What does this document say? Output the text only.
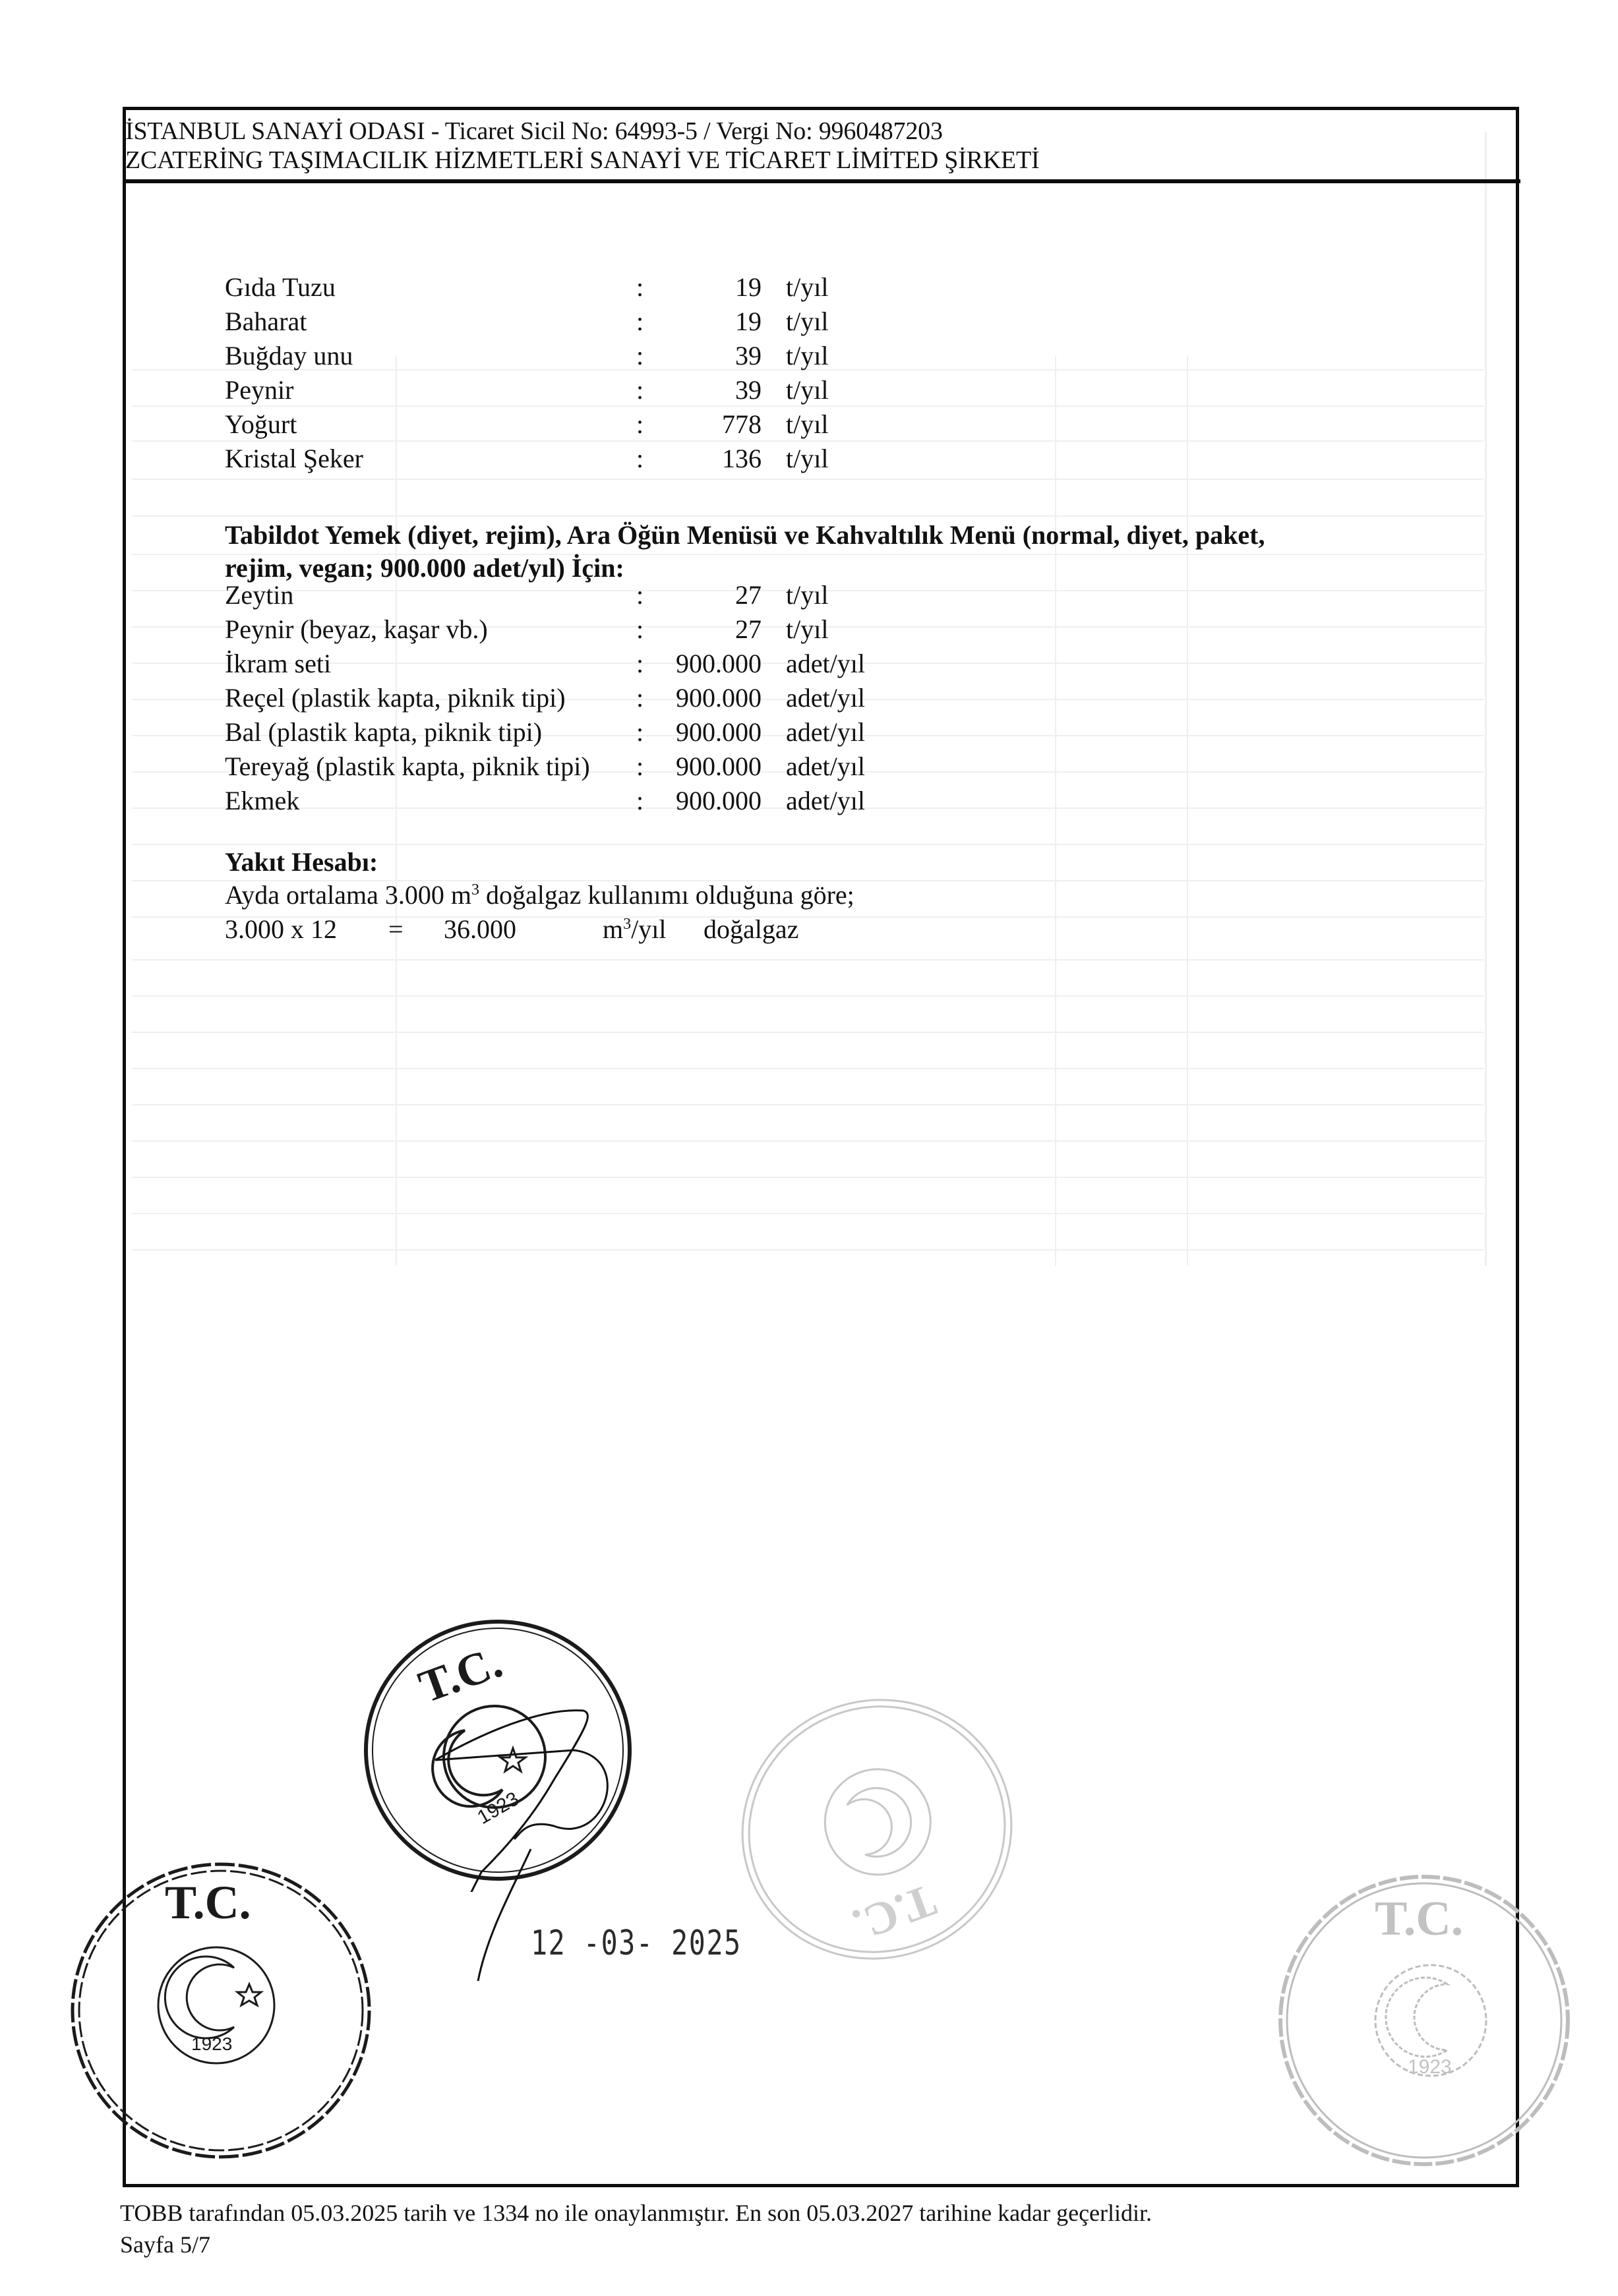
İSTANBUL SANAYİ ODASI - Ticaret Sicil No: 64993-5 / Vergi No: 9960487203
ZCATERİNG TAŞIMACILIK HİZMETLERİ SANAYİ VE TİCARET LİMİTED ŞİRKETİ
Gıda Tuzu	:	19 t/yıl
Baharat	:	19 t/yıl
Buğday unu	:	39 t/yıl
Peynir	:	39 t/yıl
Yoğurt	:	778 t/yıl
Kristal Şeker	:	136 t/yıl
Tabildot Yemek (diyet, rejim), Ara Öğün Menüsü ve Kahvaltılık Menü (normal, diyet, paket,
rejim, vegan; 900.000 adet/yıl) İçin:
Zeytin	:	27 t/yıl
Peynir (beyaz, kaşar vb.)	:	27 t/yıl
İkram seti	:	900.000 adet/yıl
Reçel (plastik kapta, piknik tipi)	:	900.000 adet/yıl
Bal (plastik kapta, piknik tipi)	:	900.000 adet/yıl
Tereyağ (plastik kapta, piknik tipi) :	900.000 adet/yıl
Ekmek	:	900.000 adet/yıl
Yakıt Hesabı:
Ayda ortalama 3.000 $m^3$ doğalgaz kullanımı olduğuna göre;
3.000 x 12 = 36.000	$m^3$/yıl doğalgaz
T.C.
T.C.
1923
12 -03- 2025
T.C.
1923
T.C.
1923
TOBB tarafından 05.03.2025 tarih ve 1334 no ile onaylanmıştır. En son 05.03.2027 tarihine kadar geçerlidir.
Sayfa 5/7
